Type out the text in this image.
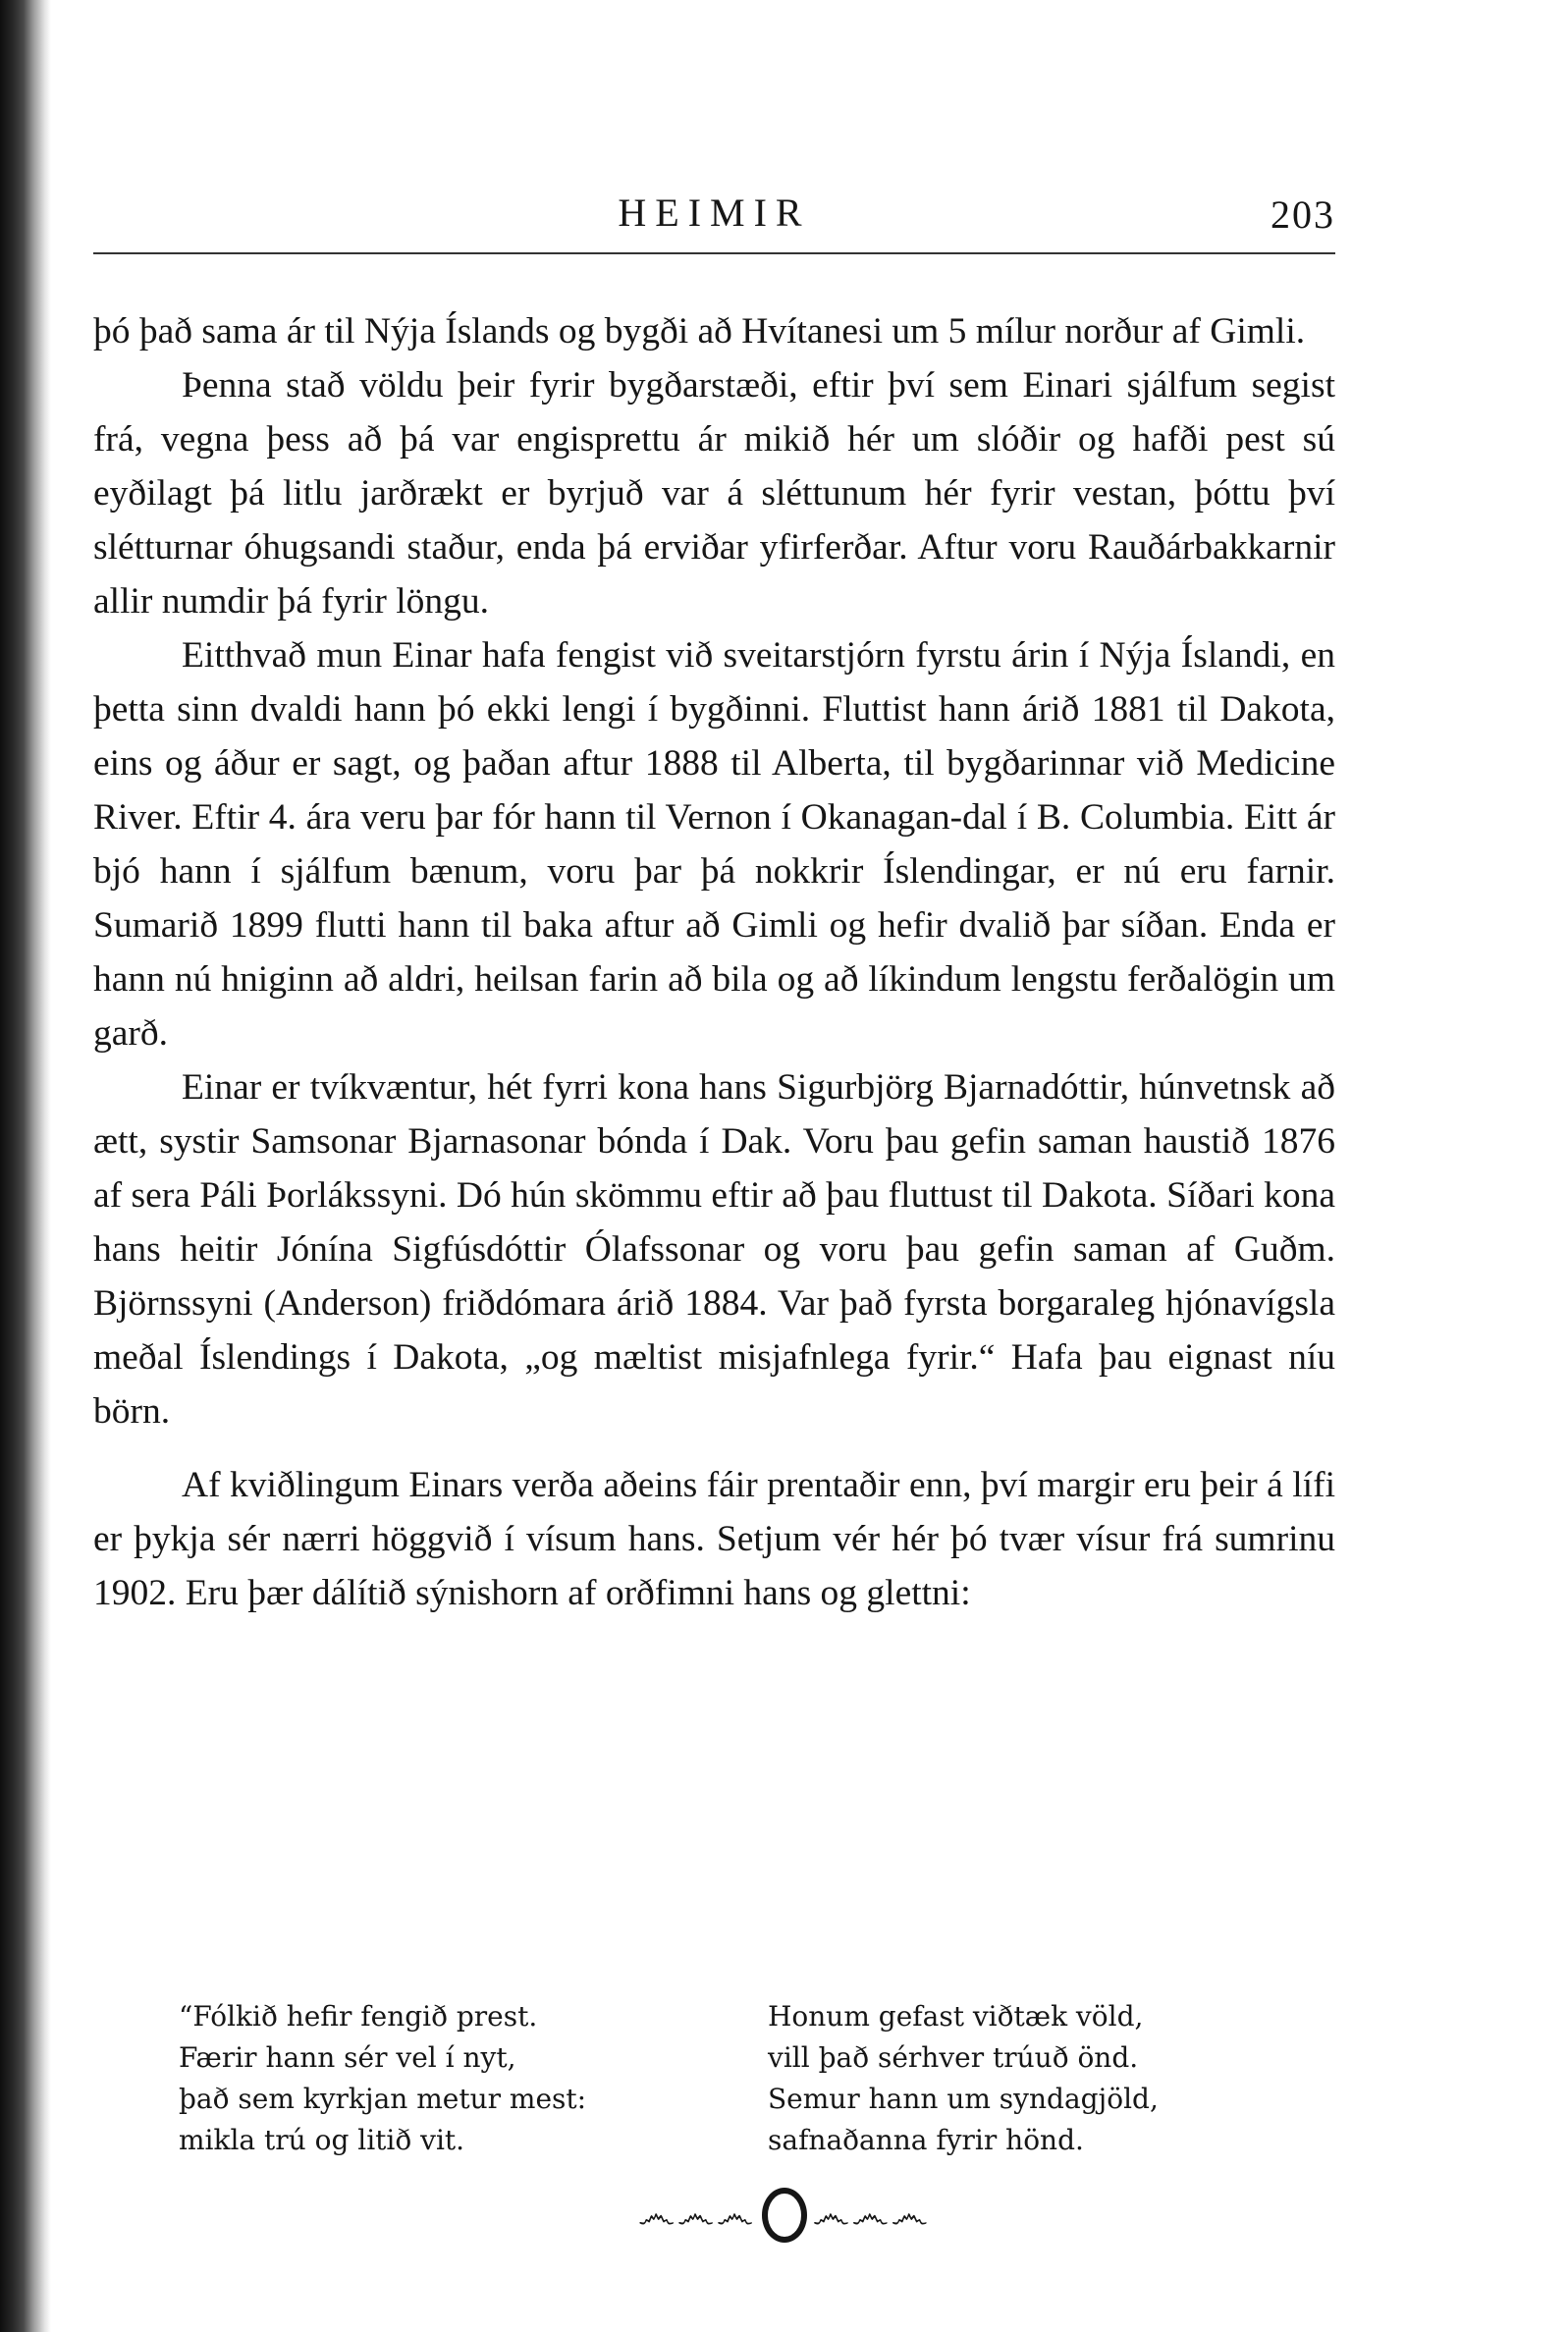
HEIMIR	203

þó það sama ár til Nýja Íslands og bygði að Hvítanesi um 5 mílur norður af Gimli.

Þenna stað völdu þeir fyrir bygðarstæði, eftir því sem Einari sjálfum segist frá, vegna þess að þá var engisprettu ár mikið hér um slóðir og hafði pest sú eyðilagt þá litlu jarðrækt er byrjuð var á sléttunum hér fyrir vestan, þóttu því slétturnar óhugsandi staður, enda þá erviðar yfirferðar. Aftur voru Rauðárbakkarnir allir numdir þá fyrir löngu.

Eitthvað mun Einar hafa fengist við sveitarstjórn fyrstu árin í Nýja Íslandi, en þetta sinn dvaldi hann þó ekki lengi í bygðinni. Fluttist hann árið 1881 til Dakota, eins og áður er sagt, og þaðan aftur 1888 til Alberta, til bygðarinnar við Medicine River. Eftir 4. ára veru þar fór hann til Vernon í Okanagan-dal í B. Columbia. Eitt ár bjó hann í sjálfum bænum, voru þar þá nokkrir Íslendingar, er nú eru farnir. Sumarið 1899 flutti hann til baka aftur að Gimli og hefir dvalið þar síðan. Enda er hann nú hniginn að aldri, heilsan farin að bila og að líkindum lengstu ferðalögin um garð.

Einar er tvíkvæntur, hét fyrri kona hans Sigurbjörg Bjarnadóttir, húnvetnsk að ætt, systir Samsonar Bjarnasonar bónda í Dak. Voru þau gefin saman haustið 1876 af sera Páli Þorlákssyni. Dó hún skömmu eftir að þau fluttust til Dakota. Síðari kona hans heitir Jónína Sigfúsdóttir Ólafssonar og voru þau gefin saman af Guðm. Björnssyni (Anderson) friðdómara árið 1884. Var það fyrsta borgaraleg hjónavígsla meðal Íslendings í Dakota, „og mæltist misjafnlega fyrir.“ Hafa þau eignast níu börn.

Af kviðlingum Einars verða aðeins fáir prentaðir enn, því margir eru þeir á lífi er þykja sér nærri höggvið í vísum hans. Setjum vér hér þó tvær vísur frá sumrinu 1902. Eru þær dálítið sýnishorn af orðfimni hans og glettni:

“Fólkið hefir fengið prest.
Færir hann sér vel í nyt,
það sem kyrkjan metur mest:
mikla trú og litið vit.
Honum gefast viðtæk völd,
vill það sérhver trúuð önd.
Semur hann um syndagjöld,
safnaðanna fyrir hönd.
෴෴෴ ෴෴෴
